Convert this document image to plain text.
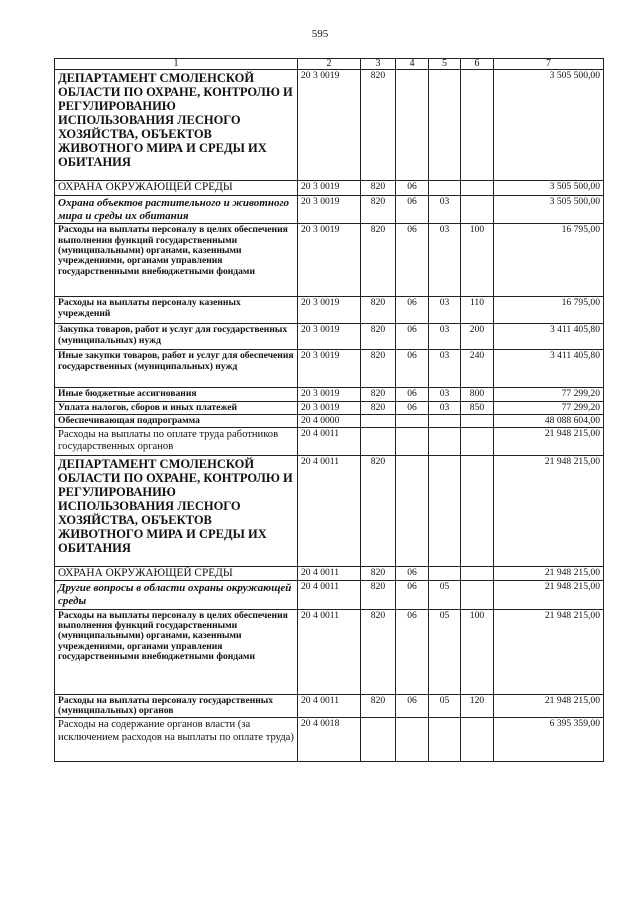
595
1	2	3	4	5	6	7
ДЕПАРТАМЕНТ СМОЛЕНСКОЙ ОБЛАСТИ ПО ОХРАНЕ, КОНТРОЛЮ И РЕГУЛИРОВАНИЮ ИСПОЛЬЗОВАНИЯ ЛЕСНОГО ХОЗЯЙСТВА, ОБЪЕКТОВ ЖИВОТНОГО МИРА И СРЕДЫ ИХ ОБИТАНИЯ	20 3 0019	820				3 505 500,00
ОХРАНА ОКРУЖАЮЩЕЙ СРЕДЫ	20 3 0019	820	06			3 505 500,00
Охрана объектов растительного и животного мира и среды их обитания	20 3 0019	820	06	03		3 505 500,00
Расходы на выплаты персоналу в целях обеспечения выполнения функций государственными (муниципальными) органами, казенными учреждениями, органами управления государственными внебюджетными фондами	20 3 0019	820	06	03	100	16 795,00
Расходы на выплаты персоналу казенных учреждений	20 3 0019	820	06	03	110	16 795,00
Закупка товаров, работ и услуг для государственных (муниципальных) нужд	20 3 0019	820	06	03	200	3 411 405,80
Иные закупки товаров, работ и услуг для обеспечения государственных (муниципальных) нужд	20 3 0019	820	06	03	240	3 411 405,80
Иные бюджетные ассигнования	20 3 0019	820	06	03	800	77 299,20
Уплата налогов, сборов и иных платежей	20 3 0019	820	06	03	850	77 299,20
Обеспечивающая подпрограмма	20 4 0000					48 088 604,00
Расходы на выплаты по оплате труда работников государственных органов	20 4 0011					21 948 215,00
ДЕПАРТАМЕНТ СМОЛЕНСКОЙ ОБЛАСТИ ПО ОХРАНЕ, КОНТРОЛЮ И РЕГУЛИРОВАНИЮ ИСПОЛЬЗОВАНИЯ ЛЕСНОГО ХОЗЯЙСТВА, ОБЪЕКТОВ ЖИВОТНОГО МИРА И СРЕДЫ ИХ ОБИТАНИЯ	20 4 0011	820				21 948 215,00
ОХРАНА ОКРУЖАЮЩЕЙ СРЕДЫ	20 4 0011	820	06			21 948 215,00
Другие вопросы в области охраны окружающей среды	20 4 0011	820	06	05		21 948 215,00
Расходы на выплаты персоналу в целях обеспечения выполнения функций государственными (муниципальными) органами, казенными учреждениями, органами управления государственными внебюджетными фондами	20 4 0011	820	06	05	100	21 948 215,00
Расходы на выплаты персоналу государственных (муниципальных) органов	20 4 0011	820	06	05	120	21 948 215,00
Расходы на содержание органов власти (за исключением расходов на выплаты по оплате труда)	20 4 0018					6 395 359,00
